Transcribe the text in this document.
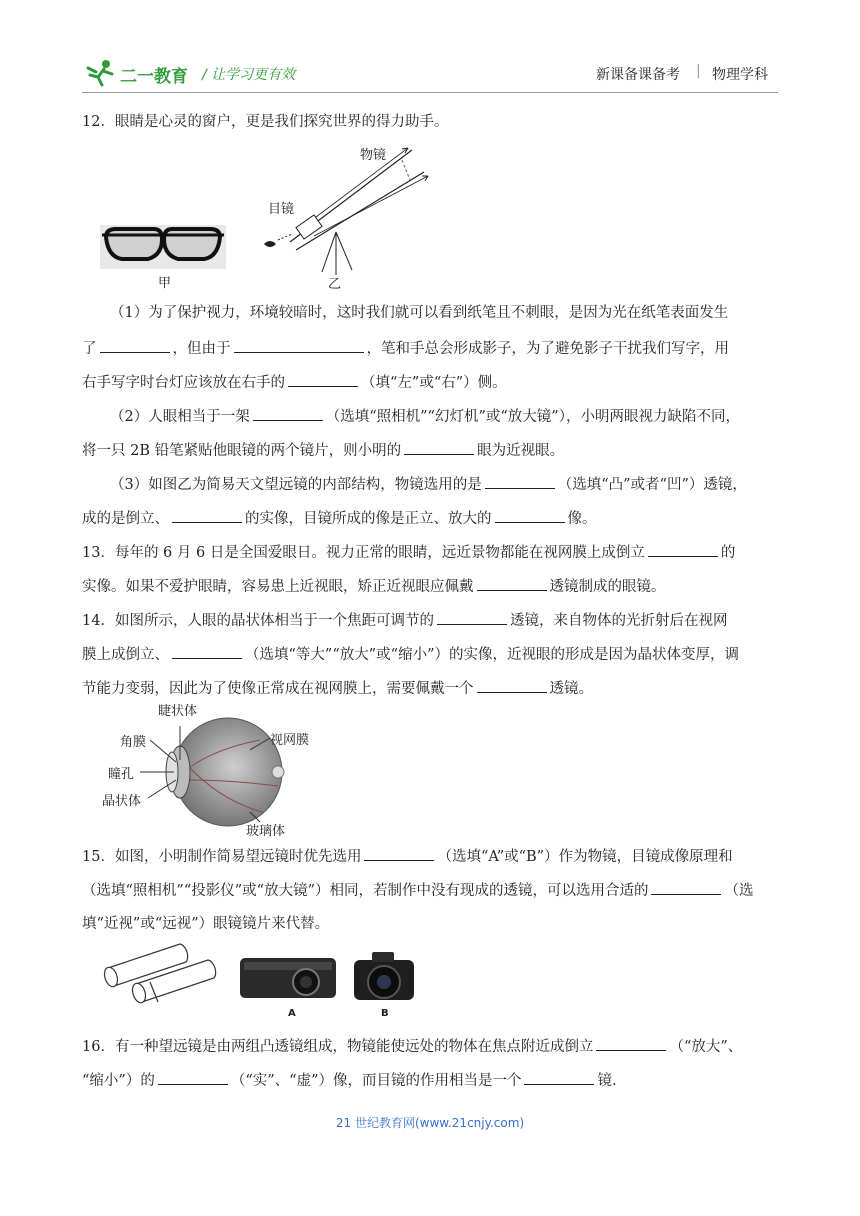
二一教育 / 让学习更有效	新课备课备考 | 物理学科
12．眼睛是心灵的窗户，更是我们探究世界的得力助手。
甲
物镜
目镜
乙
（1）为了保护视力，环境较暗时，这时我们就可以看到纸笔且不刺眼，是因为光在纸笔表面发生
了	，但由于	，笔和手总会形成影子，为了避免影子干扰我们写字，用
右手写字时台灯应该放在右手的	（填“左”或“右”）侧。
（2）人眼相当于一架	（选填“照相机”“幻灯机”或“放大镜”），小明两眼视力缺陷不同，
将一只 2B 铅笔紧贴他眼镜的两个镜片，则小明的	眼为近视眼。
（3）如图乙为简易天文望远镜的内部结构，物镜选用的是	（选填“凸”或者“凹”）透镜，
成的是倒立、	的实像，目镜所成的像是正立、放大的	像。
13．每年的 6 月 6 日是全国爱眼日。视力正常的眼睛，远近景物都能在视网膜上成倒立	的
实像。如果不爱护眼睛，容易患上近视眼，矫正近视眼应佩戴	透镜制成的眼镜。
14．如图所示，人眼的晶状体相当于一个焦距可调节的	透镜，来自物体的光折射后在视网
膜上成倒立、	（选填“等大”“放大”或“缩小”）的实像，近视眼的形成是因为晶状体变厚，调
节能力变弱，因此为了使像正常成在视网膜上，需要佩戴一个	透镜。
睫状体
角膜	视网膜
瞳孔
晶状体
玻璃体
15．如图，小明制作简易望远镜时优先选用	（选填“A”或“B”）作为物镜，目镜成像原理和
（选填“照相机”“投影仪”或“放大镜”）相同，若制作中没有现成的透镜，可以选用合适的	（选
填“近视”或“远视”）眼镜镜片来代替。
A	B
16．有一种望远镜是由两组凸透镜组成，物镜能使远处的物体在焦点附近成倒立	（“放大”、
“缩小”）的	（“实”、“虚”）像，而目镜的作用相当是一个	镜.
21 世纪教育网(www.21cnjy.com)
